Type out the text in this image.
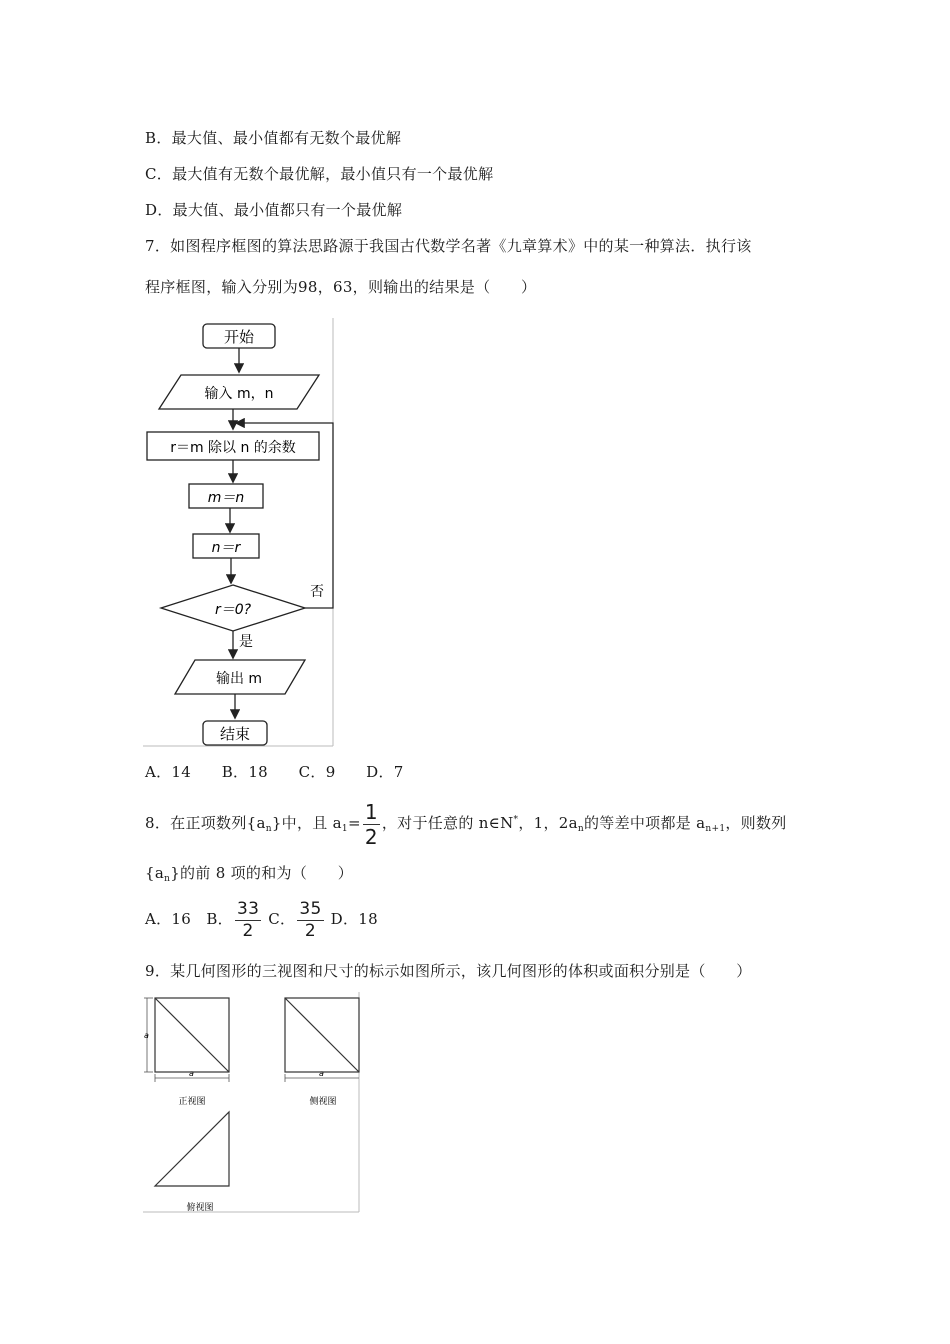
B．最大值、最小值都有无数个最优解
C．最大值有无数个最优解，最小值只有一个最优解
D．最大值、最小值都只有一个最优解
7．如图程序框图的算法思路源于我国古代数学名著《九章算术》中的某一种算法．执行该
程序框图，输入分别为98，63，则输出的结果是（　　）
开始
输入 m，n
r＝m 除以 n 的余数
m＝n
n＝r
r＝0?
否
是
输出 m
结束
A．14　　B．18　　C．9　　D．7
8．在正项数列$\{a_n\}$中，且 $a_1= \frac{1}{2}$ ，对于任意的 n∈N*，1，$2a_n$的等差中项都是 $a_{n+1}$，则数列
$\{a_n\}$的前 8 项的和为（　　）
A．16 B． $\frac{33}{2}$ C． $\frac{35}{2}$ D．18
9．某几何图形的三视图和尺寸的标示如图所示，该几何图形的体积或面积分别是（　　）
a
a
正视图
a
侧视图
俯视图
